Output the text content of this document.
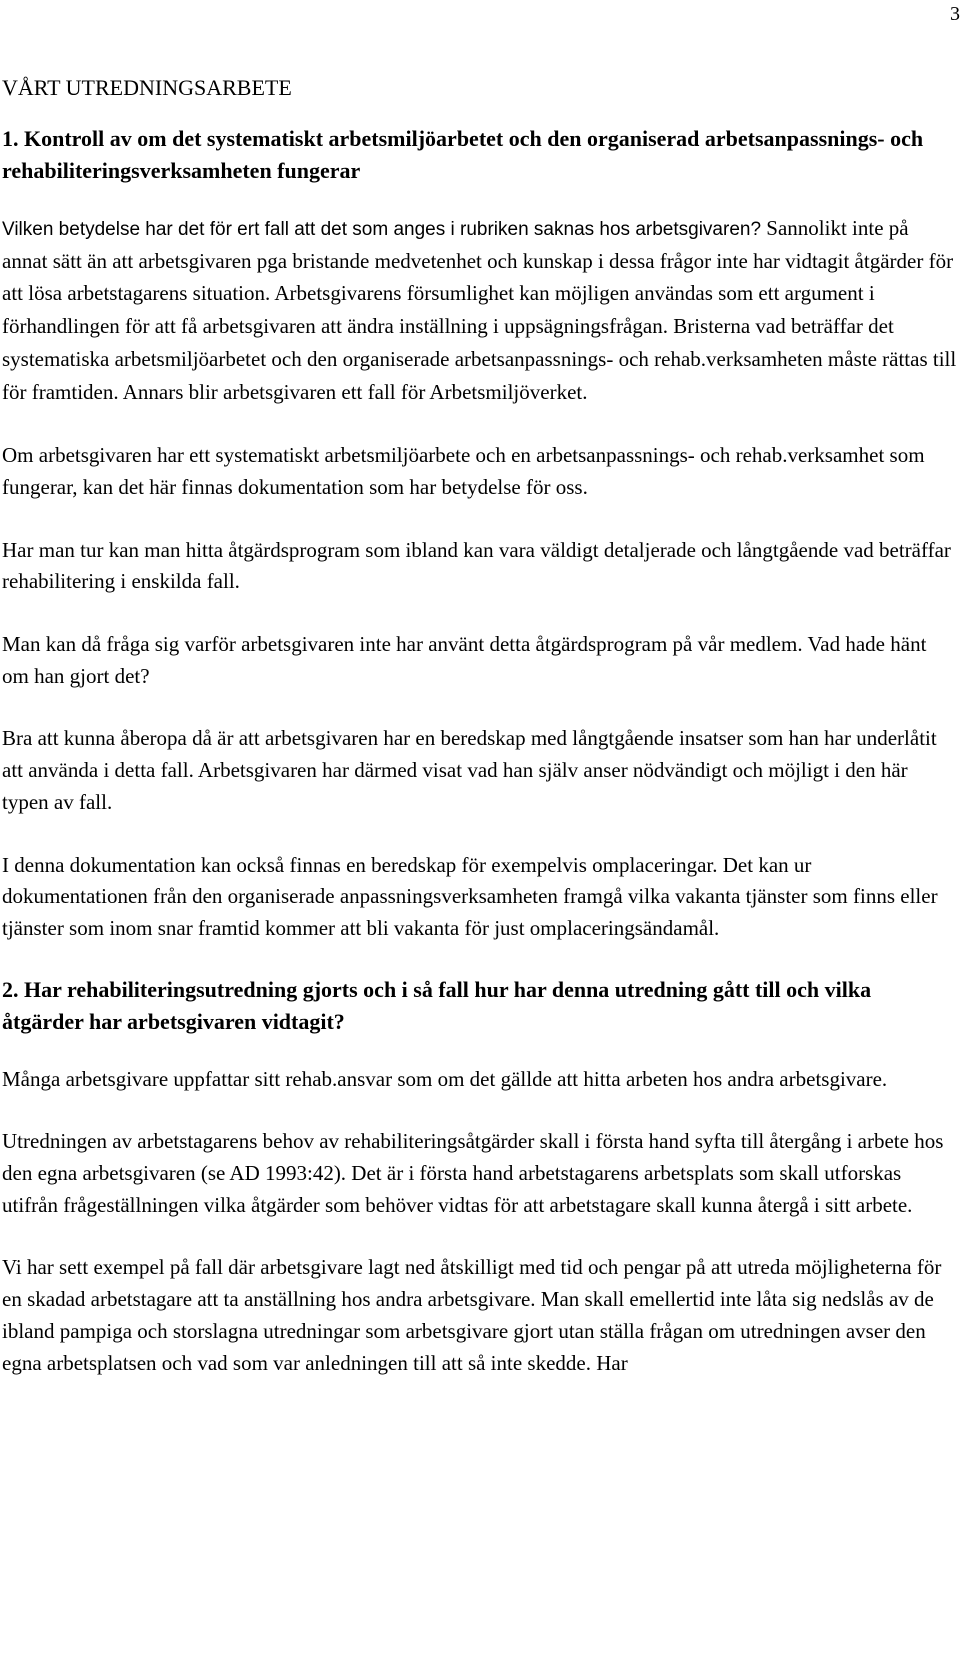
3
VÅRT UTREDNINGSARBETE
1. Kontroll av om det systematiskt arbetsmiljöarbetet och den organiserad arbetsanpassnings- och rehabiliteringsverksamheten fungerar

Vilken betydelse har det för ert fall att det som anges i rubriken saknas hos arbetsgivaren? Sannolikt inte på annat sätt än att arbetsgivaren pga bristande medvetenhet och kunskap i dessa frågor inte har vidtagit åtgärder för att lösa arbetstagarens situation. Arbetsgivarens försumlighet kan möjligen användas som ett argument i förhandlingen för att få arbetsgivaren att ändra inställning i uppsägningsfrågan. Bristerna vad beträffar det systematiska arbetsmiljöarbetet och den organiserade arbetsanpassnings- och rehab.verksamheten måste rättas till för framtiden. Annars blir arbetsgivaren ett fall för Arbetsmiljöverket.

Om arbetsgivaren har ett systematiskt arbetsmiljöarbete och en arbetsanpassnings- och rehab.verksamhet som fungerar, kan det här finnas dokumentation som har betydelse för oss.

Har man tur kan man hitta åtgärdsprogram som ibland kan vara väldigt detaljerade och långtgående vad beträffar rehabilitering i enskilda fall.

Man kan då fråga sig varför arbetsgivaren inte har använt detta åtgärdsprogram på vår medlem. Vad hade hänt om han gjort det?

Bra att kunna åberopa då är att arbetsgivaren har en beredskap med långtgående insatser som han har underlåtit att använda i detta fall. Arbetsgivaren har därmed visat vad han själv anser nödvändigt och möjligt i den här typen av fall.

I denna dokumentation kan också finnas en beredskap för exempelvis omplaceringar. Det kan ur dokumentationen från den organiserade anpassningsverksamheten framgå vilka vakanta tjänster som finns eller tjänster som inom snar framtid kommer att bli vakanta för just omplaceringsändamål.

2. Har rehabiliteringsutredning gjorts och i så fall hur har denna utredning gått till och vilka åtgärder har arbetsgivaren vidtagit?

Många arbetsgivare uppfattar sitt rehab.ansvar som om det gällde att hitta arbeten hos andra arbetsgivare.

Utredningen av arbetstagarens behov av rehabiliteringsåtgärder skall i första hand syfta till återgång i arbete hos den egna arbetsgivaren (se AD 1993:42). Det är i första hand arbetstagarens arbetsplats som skall utforskas utifrån frågeställningen vilka åtgärder som behöver vidtas för att arbetstagare skall kunna återgå i sitt arbete.

Vi har sett exempel på fall där arbetsgivare lagt ned åtskilligt med tid och pengar på att utreda möjligheterna för en skadad arbetstagare att ta anställning hos andra arbetsgivare. Man skall emellertid inte låta sig nedslås av de ibland pampiga och storslagna utredningar som arbetsgivare gjort utan ställa frågan om utredningen avser den egna arbetsplatsen och vad som var anledningen till att så inte skedde. Har
